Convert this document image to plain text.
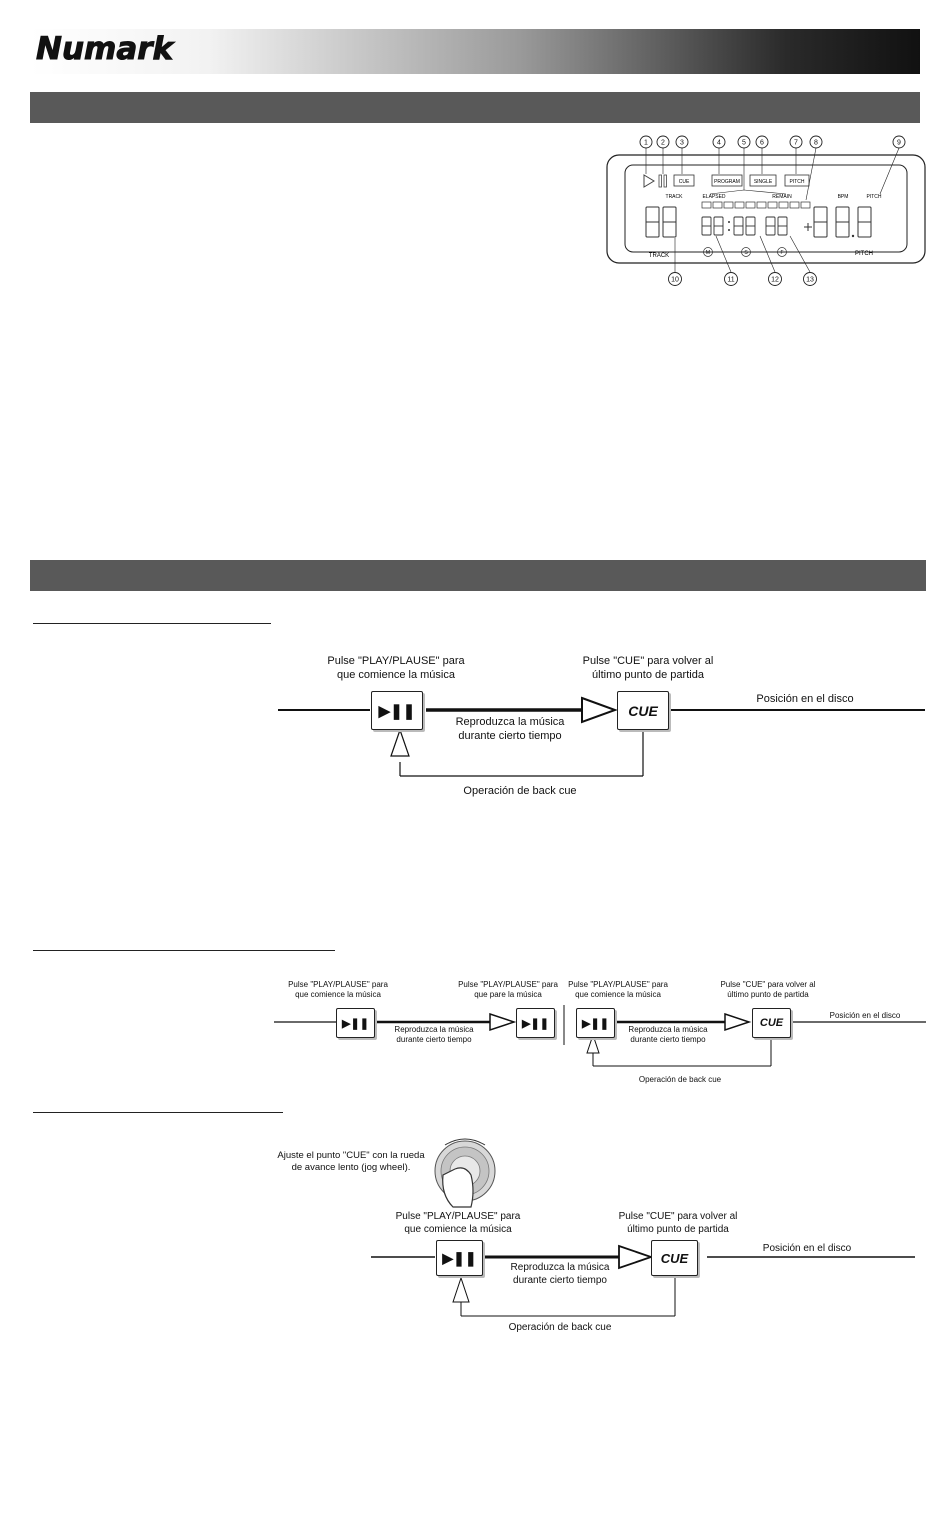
Numark
CUE	PROGRAM	SINGLE	PITCH
TRACK	ELAPSED	REMAIN	BPM	PITCH
TRACK	M	S	F	PITCH
1 2 3	4	5 6	7 8	9
10	11	12	13
▶❚❚	CUE
Pulse "PLAY/PLAUSE" para
que comience la música
Pulse "CUE" para volver al
último punto de partida
Posición en el disco
Reproduzca la música
durante cierto tiempo
Operación de back cue
▶❚❚	▶❚❚	▶❚❚	CUE
Pulse "PLAY/PLAUSE" para
que comience la música
Pulse "PLAY/PLAUSE" para
que pare la música
Reproduzca la música
durante cierto tiempo
Pulse "PLAY/PLAUSE" para
que comience la música
Pulse "CUE" para volver al
último punto de partida
Posición en el disco
Reproduzca la música
durante cierto tiempo
Operación de back cue
Ajuste el punto "CUE" con la rueda
de avance lento (jog wheel).
▶❚❚	CUE
Pulse "PLAY/PLAUSE" para
que comience la música
Pulse "CUE" para volver al
último punto de partida
Posición en el disco
Reproduzca la música
durante cierto tiempo
Operación de back cue
